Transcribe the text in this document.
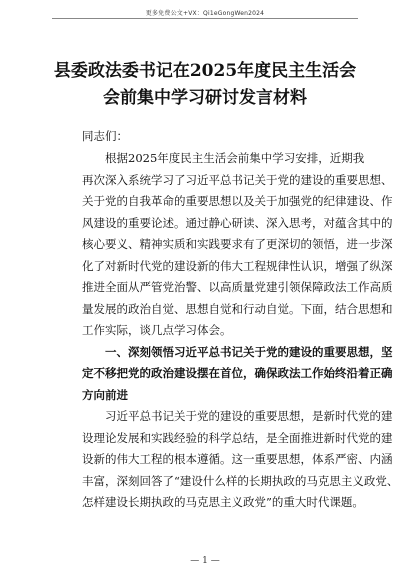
更多免费公文+VX：Qi1eGongWen2024
县委政法委书记在2025年度民主生活会
会前集中学习研讨发言材料
同志们：
　　根据2025年度民主生活会前集中学习安排，近期我
再次深入系统学习了习近平总书记关于党的建设的重要思想、
关于党的自我革命的重要思想以及关于加强党的纪律建设、作
风建设的重要论述。通过静心研读、深入思考，对蕴含其中的
核心要义、精神实质和实践要求有了更深切的领悟，进一步深
化了对新时代党的建设新的伟大工程规律性认识，增强了纵深
推进全面从严管党治警、以高质量党建引领保障政法工作高质
量发展的政治自觉、思想自觉和行动自觉。下面，结合思想和
工作实际，谈几点学习体会。
　　一、深刻领悟习近平总书记关于党的建设的重要思想，坚
定不移把党的政治建设摆在首位，确保政法工作始终沿着正确
方向前进
　　习近平总书记关于党的建设的重要思想，是新时代党的建
设理论发展和实践经验的科学总结，是全面推进新时代党的建
设新的伟大工程的根本遵循。这一重要思想，体系严密、内涵
丰富，深刻回答了“建设什么样的长期执政的马克思主义政党、
怎样建设长期执政的马克思主义政党”的重大时代课题。
— 1 —
